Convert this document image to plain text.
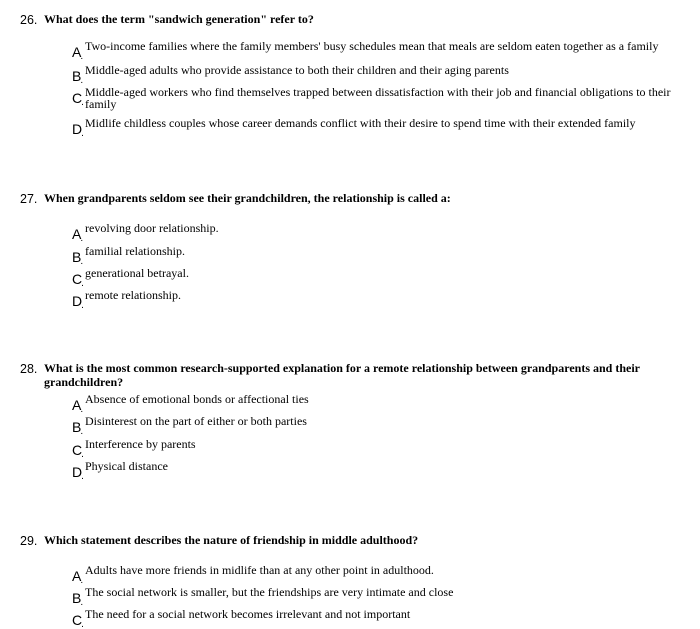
26. What does the term "sandwich generation" refer to?
A.
Two-income families where the family members' busy schedules mean that meals are seldom eaten together as a family
B.
Middle-aged adults who provide assistance to both their children and their aging parents
C.
Middle-aged workers who find themselves trapped between dissatisfaction with their job and financial obligations to their family
D.
Midlife childless couples whose career demands conflict with their desire to spend time with their extended family
27. When grandparents seldom see their grandchildren, the relationship is called a:
A.
revolving door relationship.
B.
familial relationship.
C.
generational betrayal.
D.
remote relationship.
28. What is the most common research-supported explanation for a remote relationship between grandparents and their grandchildren?
A.
Absence of emotional bonds or affectional ties
B.
Disinterest on the part of either or both parties
C.
Interference by parents
D.
Physical distance
29. Which statement describes the nature of friendship in middle adulthood?
A.
Adults have more friends in midlife than at any other point in adulthood.
B.
The social network is smaller, but the friendships are very intimate and close
C.
The need for a social network becomes irrelevant and not important
